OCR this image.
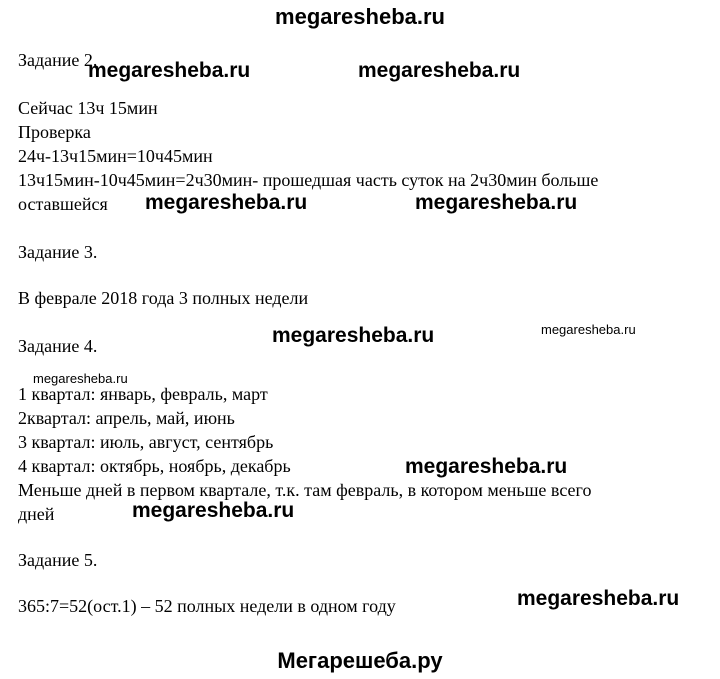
megaresheba.ru
Задание 2.
Сейчас 13ч 15мин
Проверка
24ч-13ч15мин=10ч45мин
13ч15мин-10ч45мин=2ч30мин- прошедшая часть суток на 2ч30мин больше
оставшейся
Задание 3.
В феврале 2018 года 3 полных недели
Задание 4.
1 квартал: январь, февраль, март
2квартал: апрель, май, июнь
3 квартал: июль, август, сентябрь
4 квартал: октябрь, ноябрь, декабрь
Меньше дней в первом квартале, т.к. там февраль, в котором меньше всего
дней
Задание 5.
365:7=52(ост.1) – 52 полных недели в одном году
megaresheba.ru	megaresheba.ru
megaresheba.ru	megaresheba.ru
megaresheba.ru	megaresheba.ru
megaresheba.ru
megaresheba.ru
megaresheba.ru
megaresheba.ru
Мегарешеба.ру
